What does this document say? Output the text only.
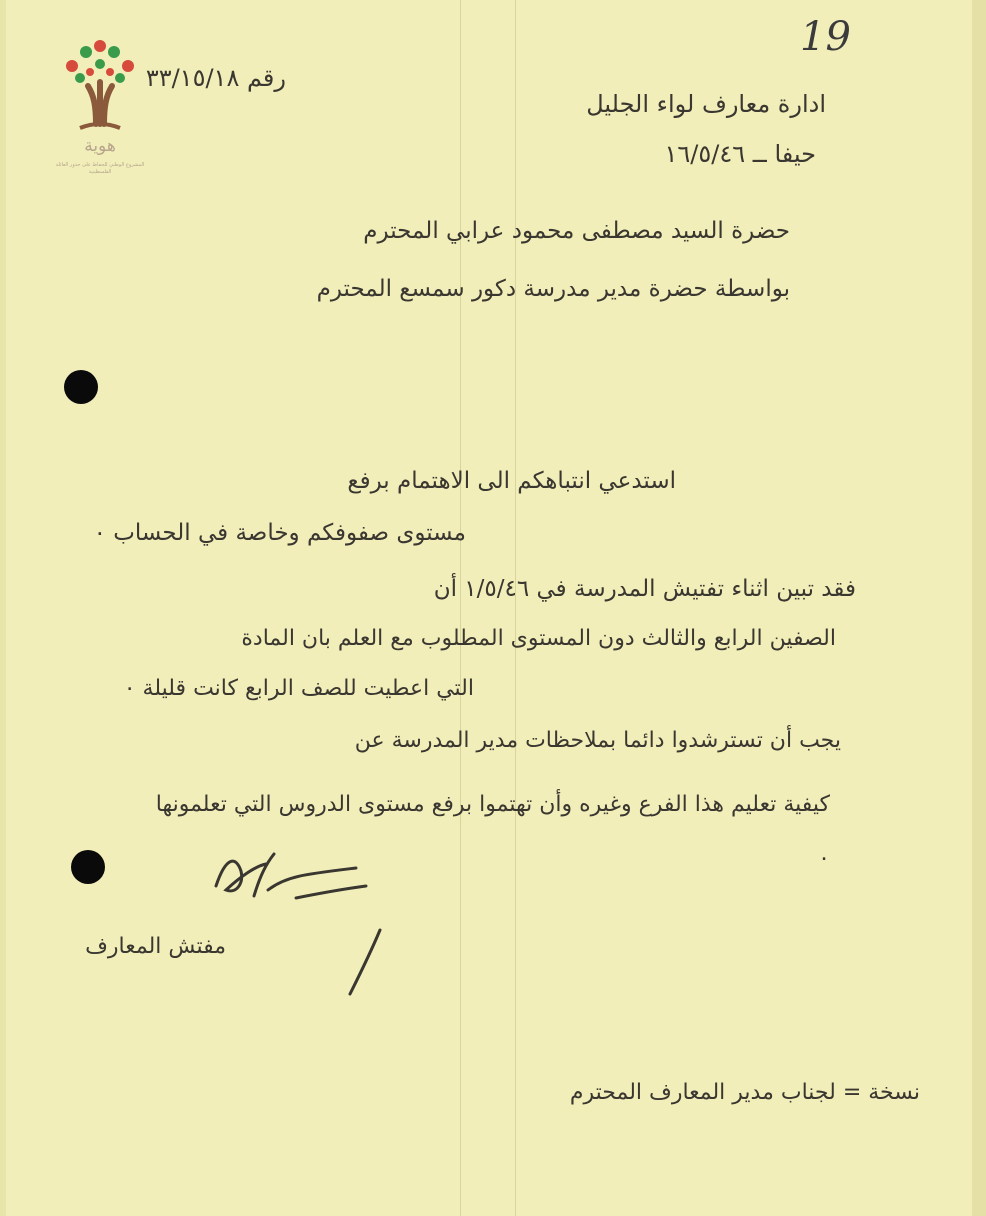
هوية
المشروع الوطني للحفاظ على جذور العائلة الفلسطينية
19
رقم ٣٣/١٥/١٨
ادارة معارف لواء الجليل
حيفا ــ ١٦/٥/٤٦
حضرة السيد مصطفى محمود عرابي المحترم
بواسطة حضرة مدير مدرسة دكور سمسع المحترم
استدعي انتباهكم الى الاهتمام برفع
مستوى صفوفكم وخاصة في الحساب ٠
فقد تبين اثناء تفتيش المدرسة في ١/٥/٤٦ أن
الصفين الرابع والثالث دون المستوى المطلوب مع العلم بان المادة
التي اعطيت للصف الرابع كانت قليلة ٠
يجب أن تسترشدوا دائما بملاحظات مدير المدرسة عن
كيفية تعليم هذا الفرع وغيره وأن تهتموا برفع مستوى الدروس التي تعلمونها ٠
مفتش المعارف
نسخة = لجناب مدير المعارف المحترم
